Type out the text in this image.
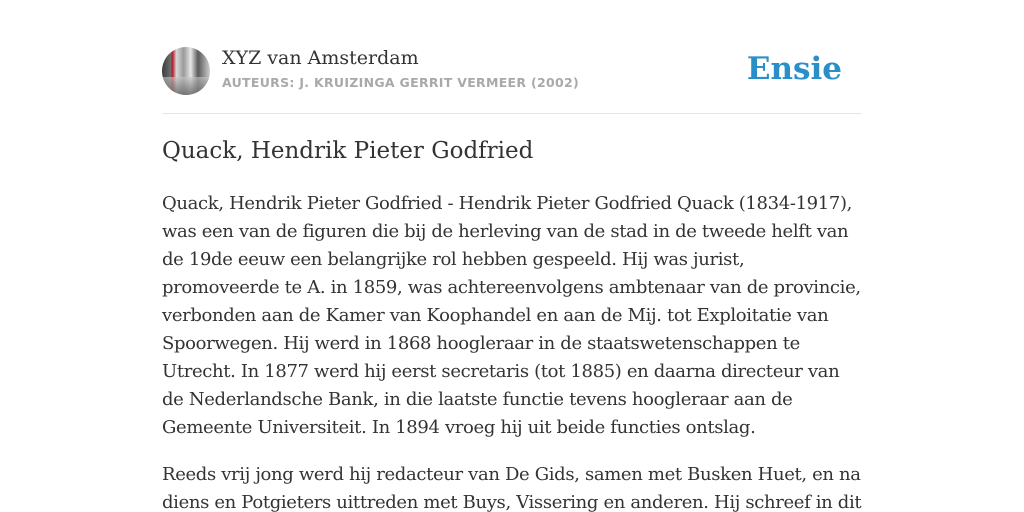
XYZ van Amsterdam
AUTEURS: J. KRUIZINGA GERRIT VERMEER (2002)	Ensie
Quack, Hendrik Pieter Godfried

Quack, Hendrik Pieter Godfried - Hendrik Pieter Godfried Quack (1834-1917), was een van de figuren die bij de herleving van de stad in de tweede helft van de 19de eeuw een belangrijke rol hebben gespeeld. Hij was jurist, promoveerde te A. in 1859, was achtereenvolgens ambtenaar van de provincie, verbonden aan de Kamer van Koophandel en aan de Mij. tot Exploitatie van Spoorwegen. Hij werd in 1868 hoogleraar in de staatswetenschappen te Utrecht. In 1877 werd hij eerst secretaris (tot 1885) en daarna directeur van de Nederlandsche Bank, in die laatste functie tevens hoogleraar aan de Gemeente Universiteit. In 1894 vroeg hij uit beide functies ontslag.

Reeds vrij jong werd hij redacteur van De Gids, samen met Busken Huet, en na diens en Potgieters uittreden met Buys, Vissering en anderen. Hij schreef in dit
